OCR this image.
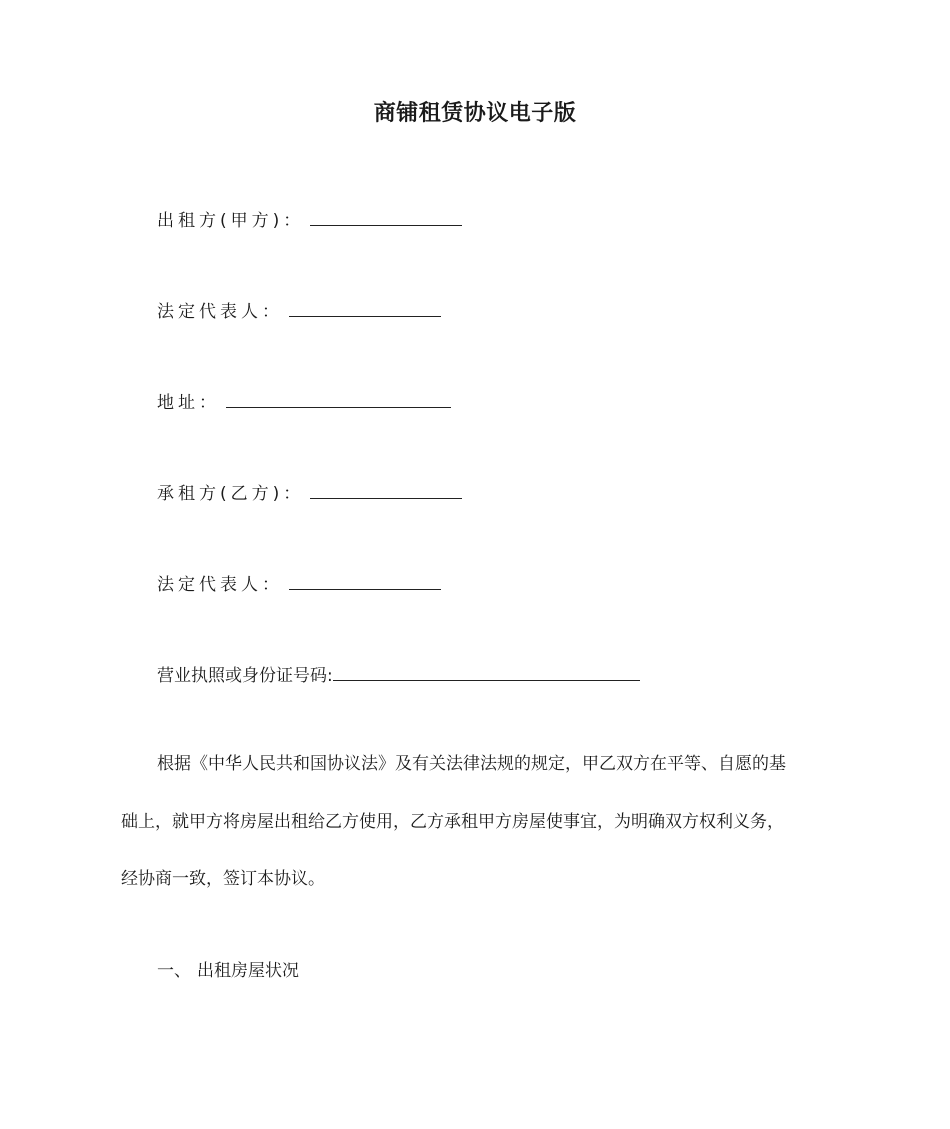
商铺租赁协议电子版
出租方(甲方)：
法定代表人：
地址：
承租方(乙方)：
法定代表人：
营业执照或身份证号码:
根据《中华人民共和国协议法》及有关法律法规的规定，甲乙双方在平等、自愿的基
础上，就甲方将房屋出租给乙方使用，乙方承租甲方房屋使事宜，为明确双方权利义务，
经协商一致，签订本协议。
一、 出租房屋状况
